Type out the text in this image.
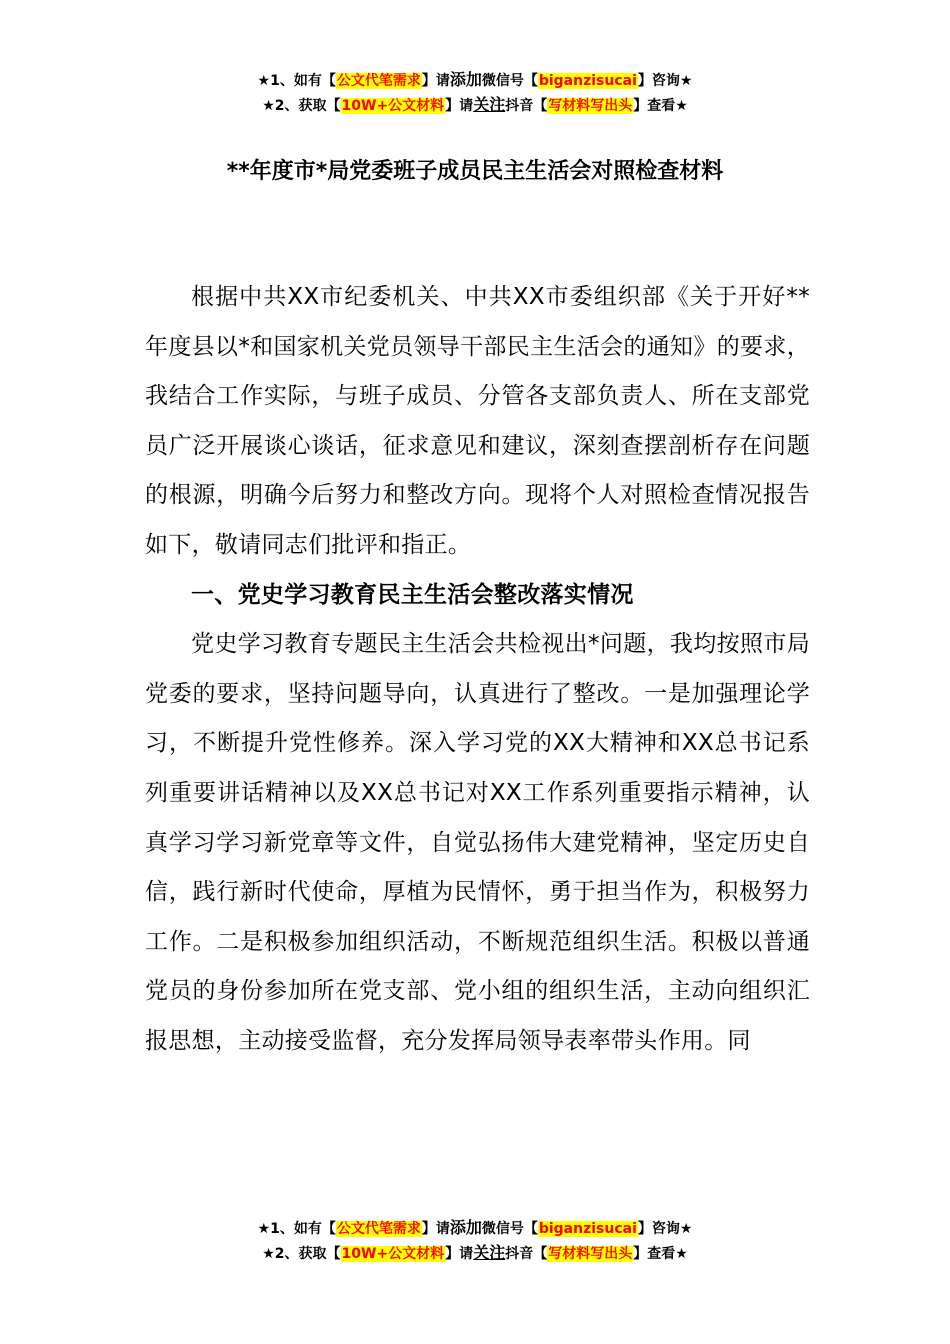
★1、如有【公文代笔需求】请添加微信号【biganzisucai】咨询★
★2、获取【10W+公文材料】请关注抖音【写材料写出头】查看★
**年度市*局党委班子成员民主生活会对照检查材料

根据中共XX市纪委机关、中共XX市委组织部《关于开好**年度县以*和国家机关党员领导干部民主生活会的通知》的要求，我结合工作实际，与班子成员、分管各支部负责人、所在支部党员广泛开展谈心谈话，征求意见和建议，深刻查摆剖析存在问题的根源，明确今后努力和整改方向。现将个人对照检查情况报告如下，敬请同志们批评和指正。

一、党史学习教育民主生活会整改落实情况

党史学习教育专题民主生活会共检视出*问题，我均按照市局党委的要求，坚持问题导向，认真进行了整改。一是加强理论学习，不断提升党性修养。深入学习党的XX大精神和XX总书记系列重要讲话精神以及XX总书记对XX工作系列重要指示精神，认真学习学习新党章等文件，自觉弘扬伟大建党精神，坚定历史自信，践行新时代使命，厚植为民情怀，勇于担当作为，积极努力工作。二是积极参加组织活动，不断规范组织生活。积极以普通党员的身份参加所在党支部、党小组的组织生活，主动向组织汇报思想，主动接受监督，充分发挥局领导表率带头作用。同

★1、如有【公文代笔需求】请添加微信号【biganzisucai】咨询★
★2、获取【10W+公文材料】请关注抖音【写材料写出头】查看★
